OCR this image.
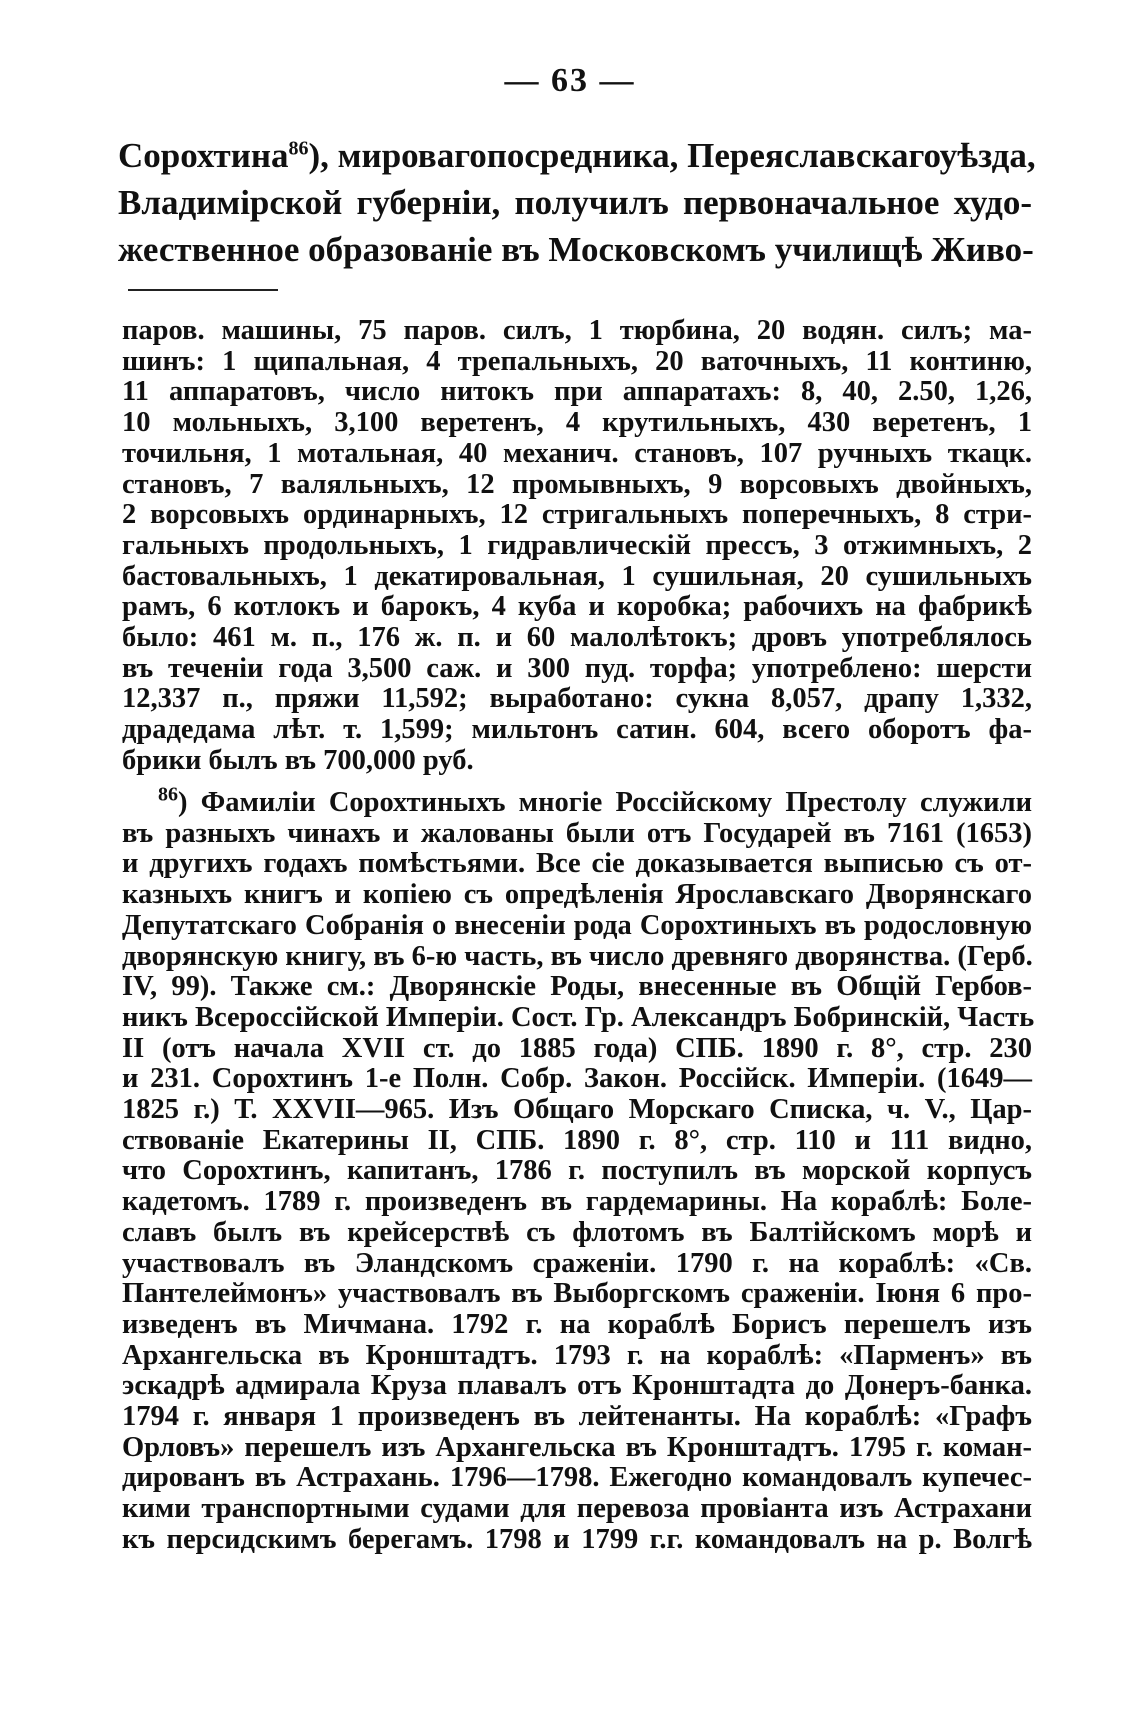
— 63 —
Сорохтина$^{86}$), мировагопосредника, Переяславскагоуѣзда,
Владимірской губерніи, получилъ первоначальное худо-
жественное образованіе въ Московскомъ училищѣ Живо-
паров. машины, 75 паров. силъ, 1 тюрбина, 20 водян. силъ; ма-
шинъ: 1 щипальная, 4 трепальныхъ, 20 ваточныхъ, 11 континю,
11 аппаратовъ, число нитокъ при аппаратахъ: 8, 40, 2.50, 1,26,
10 мольныхъ, 3,100 веретенъ, 4 крутильныхъ, 430 веретенъ, 1
точильня, 1 мотальная, 40 механич. становъ, 107 ручныхъ ткацк.
становъ, 7 валяльныхъ, 12 промывныхъ, 9 ворсовыхъ двойныхъ,
2 ворсовыхъ ординарныхъ, 12 стригальныхъ поперечныхъ, 8 стри-
гальныхъ продольныхъ, 1 гидравлическій прессъ, 3 отжимныхъ, 2
бастовальныхъ, 1 декатировальная, 1 сушильная, 20 сушильныхъ
рамъ, 6 котлокъ и барокъ, 4 куба и коробка; рабочихъ на фабрикѣ
было: 461 м. п., 176 ж. п. и 60 малолѣтокъ; дровъ употреблялось
въ теченіи года 3,500 саж. и 300 пуд. торфа; употреблено: шерсти
12,337 п., пряжи 11,592; выработано: сукна 8,057, драпу 1,332,
драдедама лѣт. т. 1,599; мильтонъ сатин. 604, всего оборотъ фа-
брики былъ въ 700,000 руб.
$^{86}$) Фамиліи Сорохтиныхъ многіе Россійскому Престолу служили
въ разныхъ чинахъ и жалованы были отъ Государей въ 7161 (1653)
и другихъ годахъ помѣстьями. Все сіе доказывается выписью съ от-
казныхъ книгъ и копіею съ опредѣленія Ярославскаго Дворянскаго
Депутатскаго Собранія о внесеніи рода Сорохтиныхъ въ родословную
дворянскую книгу, въ 6-ю часть, въ число древняго дворянства. (Герб.
IV, 99). Также см.: Дворянскіе Роды, внесенные въ Общій Гербов-
никъ Всероссійской Имперіи. Сост. Гр. Александръ Бобринскій, Часть
II (отъ начала XVII ст. до 1885 года) СПБ. 1890 г. 8°, стр. 230
и 231. Сорохтинъ 1-е Полн. Собр. Закон. Россійск. Имперіи. (1649—
1825 г.) Т. XXVII—965. Изъ Общаго Морскаго Списка, ч. V., Цар-
ствованіе Екатерины II, СПБ. 1890 г. 8°, стр. 110 и 111 видно,
что Сорохтинъ, капитанъ, 1786 г. поступилъ въ морской корпусъ
кадетомъ. 1789 г. произведенъ въ гардемарины. На кораблѣ: Боле-
славъ былъ въ крейсерствѣ съ флотомъ въ Балтійскомъ морѣ и
участвовалъ въ Эландскомъ сраженіи. 1790 г. на кораблѣ: «Св.
Пантелеймонъ» участвовалъ въ Выборгскомъ сраженіи. Іюня 6 про-
изведенъ въ Мичмана. 1792 г. на кораблѣ Борисъ перешелъ изъ
Архангельска въ Кронштадтъ. 1793 г. на кораблѣ: «Парменъ» въ
эскадрѣ адмирала Круза плавалъ отъ Кронштадта до Донеръ-банка.
1794 г. января 1 произведенъ въ лейтенанты. На кораблѣ: «Графъ
Орловъ» перешелъ изъ Архангельска въ Кронштадтъ. 1795 г. коман-
дированъ въ Астрахань. 1796—1798. Ежегодно командовалъ купечес-
кими транспортными судами для перевоза провіанта изъ Астрахани
къ персидскимъ берегамъ. 1798 и 1799 г.г. командовалъ на р. Волгѣ
